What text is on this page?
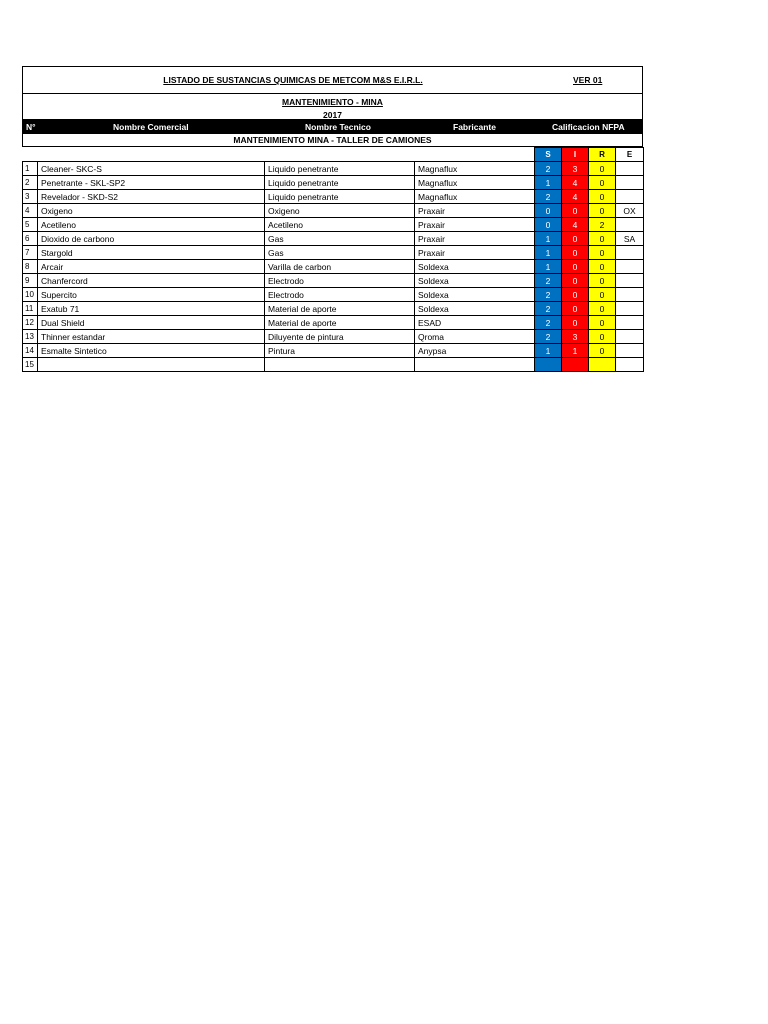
LISTADO DE SUSTANCIAS QUIMICAS DE METCOM M&S E.I.R.L.	VER 01
MANTENIMIENTO - MINA
2017
N°	Nombre Comercial	Nombre Tecnico	Fabricante	Calificacion NFPA
MANTENIMIENTO MINA - TALLER DE CAMIONES
				S	I	R	E
1	Cleaner- SKC-S	Liquido penetrante	Magnaflux	2	3	0	
2	Penetrante - SKL-SP2	Liquido penetrante	Magnaflux	1	4	0	
3	Revelador - SKD-S2	Liquido penetrante	Magnaflux	2	4	0	
4	Oxigeno	Oxigeno	Praxair	0	0	0	OX
5	Acetileno	Acetileno	Praxair	0	4	2	
6	Dioxido de carbono	Gas	Praxair	1	0	0	SA
7	Stargold	Gas	Praxair	1	0	0	
8	Arcair	Varilla de carbon	Soldexa	1	0	0	
9	Chanfercord	Electrodo	Soldexa	2	0	0	
10	Supercito	Electrodo	Soldexa	2	0	0	
11	Exatub 71	Material de aporte	Soldexa	2	0	0	
12	Dual Shield	Material de aporte	ESAD	2	0	0	
13	Thinner estandar	Diluyente de pintura	Qroma	2	3	0	
14	Esmalte Sintetico	Pintura	Anypsa	1	1	0	
15							
